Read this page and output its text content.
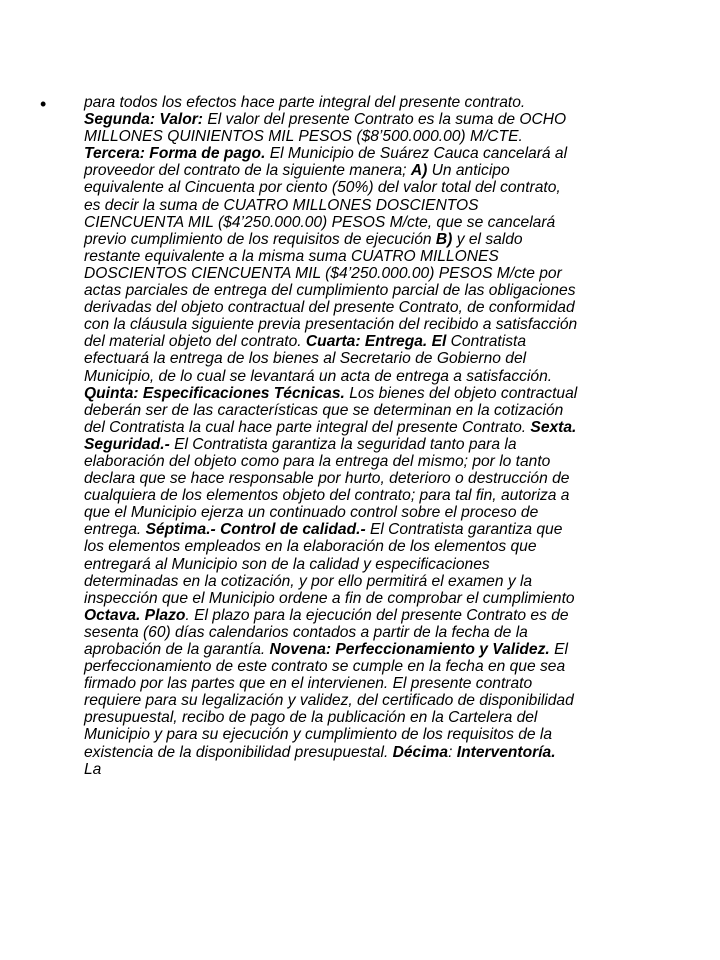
• para todos los efectos hace parte integral del presente contrato.
Segunda: Valor: El valor del presente Contrato es la suma de OCHO
MILLONES QUINIENTOS MIL PESOS ($8’500.000.00) M/CTE.
Tercera: Forma de pago. El Municipio de Suárez Cauca cancelará al
proveedor del contrato de la siguiente manera; A) Un anticipo
equivalente al Cincuenta por ciento (50%) del valor total del contrato,
es decir la suma de CUATRO MILLONES DOSCIENTOS
CIENCUENTA MIL ($4’250.000.00) PESOS M/cte, que se cancelará
previo cumplimiento de los requisitos de ejecución B) y el saldo
restante equivalente a la misma suma CUATRO MILLONES
DOSCIENTOS CIENCUENTA MIL ($4’250.000.00) PESOS M/cte por
actas parciales de entrega del cumplimiento parcial de las obligaciones
derivadas del objeto contractual del presente Contrato, de conformidad
con la cláusula siguiente previa presentación del recibido a satisfacción
del material objeto del contrato. Cuarta: Entrega. El Contratista
efectuará la entrega de los bienes al Secretario de Gobierno del
Municipio, de lo cual se levantará un acta de entrega a satisfacción.
Quinta: Especificaciones Técnicas. Los bienes del objeto contractual
deberán ser de las características que se determinan en la cotización
del Contratista la cual hace parte integral del presente Contrato. Sexta.
Seguridad.- El Contratista garantiza la seguridad tanto para la
elaboración del objeto como para la entrega del mismo; por lo tanto
declara que se hace responsable por hurto, deterioro o destrucción de
cualquiera de los elementos objeto del contrato; para tal fin, autoriza a
que el Municipio ejerza un continuado control sobre el proceso de
entrega. Séptima.- Control de calidad.- El Contratista garantiza que
los elementos empleados en la elaboración de los elementos que
entregará al Municipio son de la calidad y especificaciones
determinadas en la cotización, y por ello permitirá el examen y la
inspección que el Municipio ordene a fin de comprobar el cumplimiento
Octava. Plazo. El plazo para la ejecución del presente Contrato es de
sesenta (60) días calendarios contados a partir de la fecha de la
aprobación de la garantía. Novena: Perfeccionamiento y Validez. El
perfeccionamiento de este contrato se cumple en la fecha en que sea
firmado por las partes que en el intervienen. El presente contrato
requiere para su legalización y validez, del certificado de disponibilidad
presupuestal, recibo de pago de la publicación en la Cartelera del
Municipio y para su ejecución y cumplimiento de los requisitos de la
existencia de la disponibilidad presupuestal. Décima: Interventoría.
La
